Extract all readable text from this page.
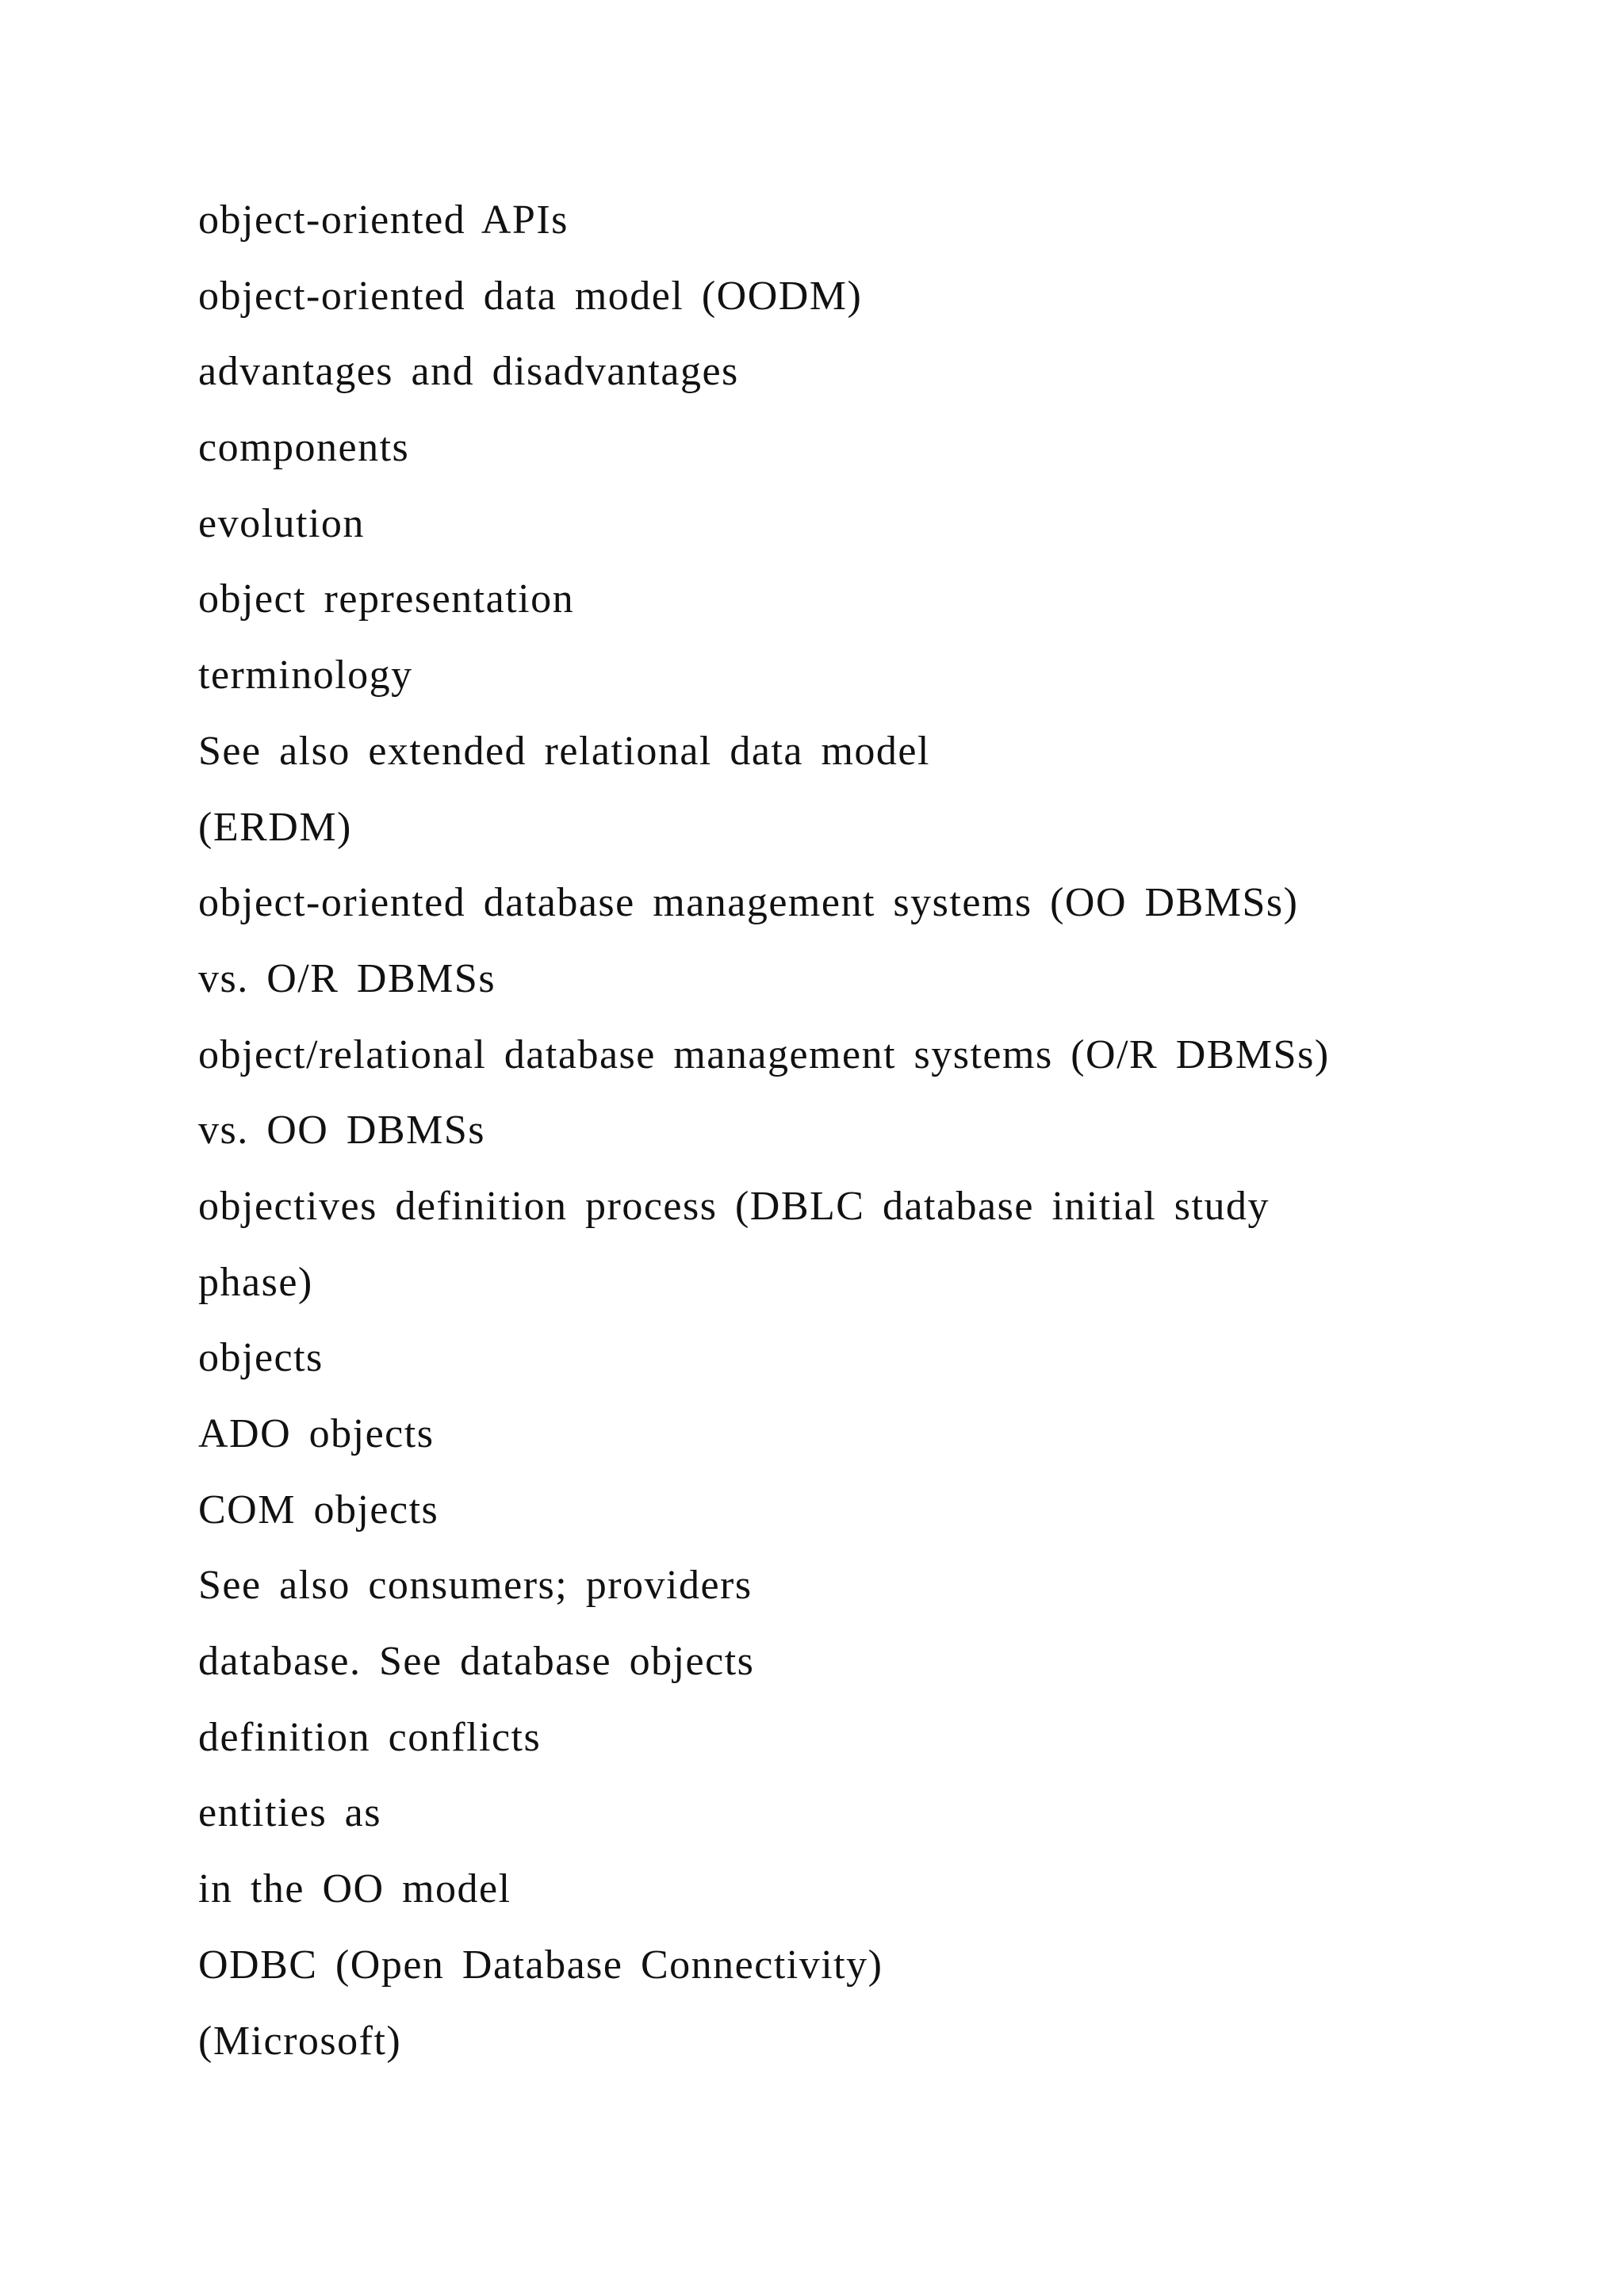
object-oriented APIs
object-oriented data model (OODM)
advantages and disadvantages
components
evolution
object representation
terminology
See also extended relational data model
(ERDM)
object-oriented database management systems (OO DBMSs)
vs. O/R DBMSs
object/relational database management systems (O/R DBMSs)
vs. OO DBMSs
objectives definition process (DBLC database initial study
phase)
objects
ADO objects
COM objects
See also consumers; providers
database. See database objects
definition conflicts
entities as
in the OO model
ODBC (Open Database Connectivity)
(Microsoft)
